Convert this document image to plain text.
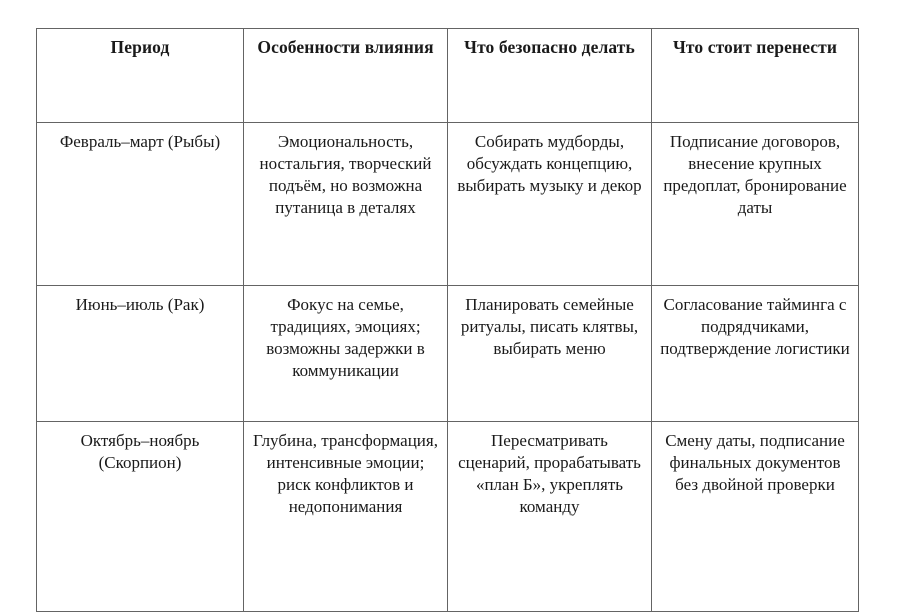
Период	Особенности влияния	Что безопасно делать	Что стоит перенести

Февраль–март (Рыбы)	Эмоциональность, ностальгия, творческий подъём, но возможна путаница в деталях	Собирать мудборды, обсуждать концепцию, выбирать музыку и декор	Подписание договоров, внесение крупных предоплат, бронирование даты

Июнь–июль (Рак)	Фокус на семье, традициях, эмоциях; возможны задержки в коммуникации	Планировать семейные ритуалы, писать клятвы, выбирать меню	Согласование тайминга с подрядчиками, подтверждение логистики

Октябрь–ноябрь (Скорпион)	Глубина, трансформация, интенсивные эмоции; риск конфликтов и недопонимания	Пересматривать сценарий, прорабатывать «план Б», укреплять команду	Смену даты, подписание финальных документов без двойной проверки
